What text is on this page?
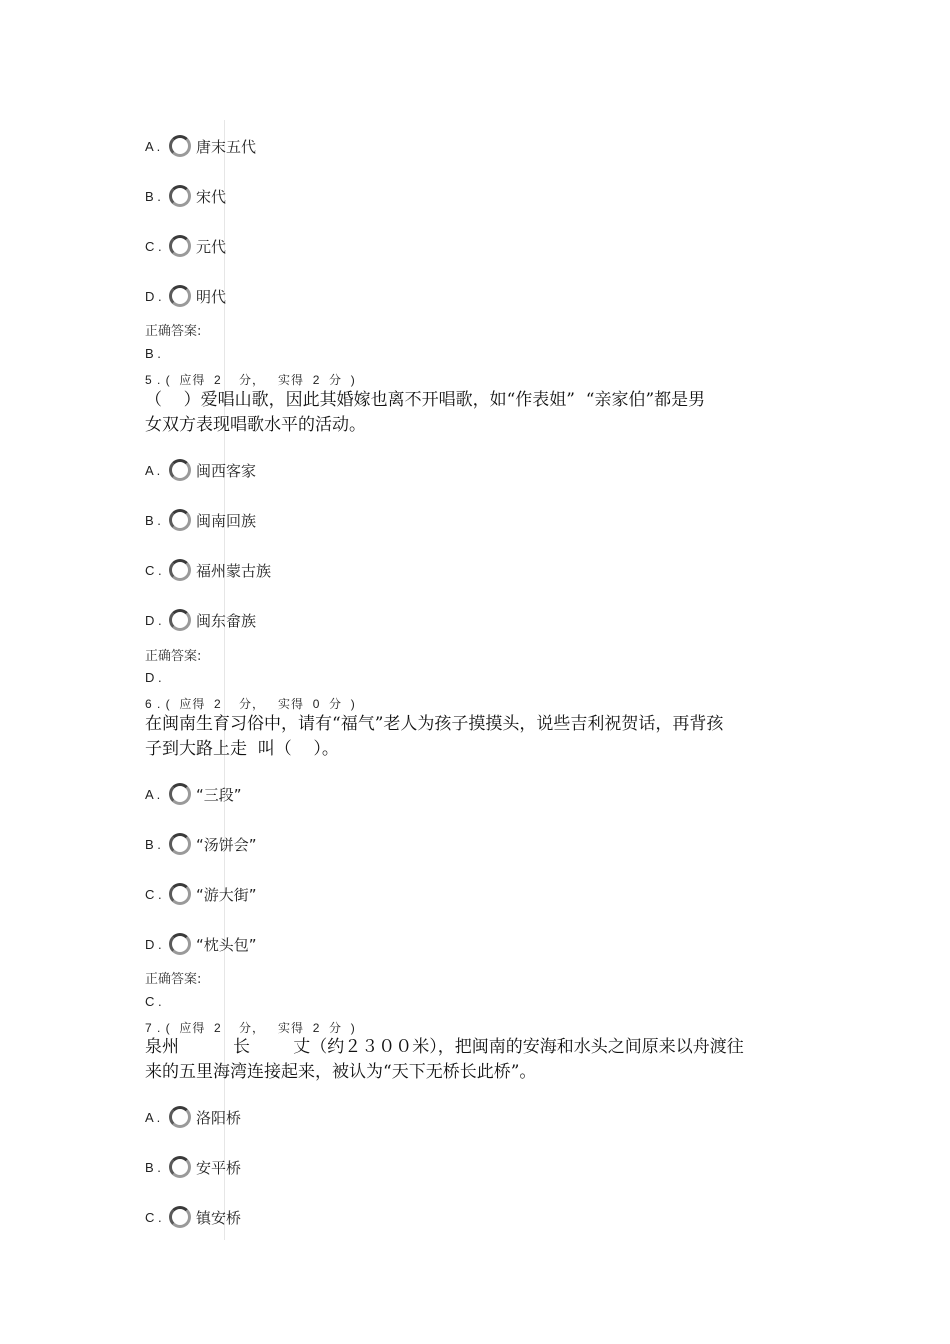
A .	唐末五代
B .	宋代
C .	元代
D .	明代
正确答案:
B .
5 . (  应得  2    分，   实得  2  分  )
（    ）爱唱山歌，因此其婚嫁也离不开唱歌，如“作表姐”  “亲家伯”都是男
女双方表现唱歌水平的活动。
A .	闽西客家
B .	闽南回族
C .	福州蒙古族
D .	闽东畲族
正确答案:
D .
6 . (  应得  2    分，   实得  0  分  )
在闽南生育习俗中，请有“福气”老人为孩子摸摸头，说些吉利祝贺话，再背孩
子到大路上走  叫（    ）。
A .	“三段”
B .	“汤饼会”
C .	“游大街”
D .	“枕头包”
正确答案:
C .
7 . (  应得  2    分，   实得  2  分  )
泉州          长        丈（约２３００米），把闽南的安海和水头之间原来以舟渡往
来的五里海湾连接起来，被认为“天下无桥长此桥”。
A .	洛阳桥
B .	安平桥
C .	镇安桥
